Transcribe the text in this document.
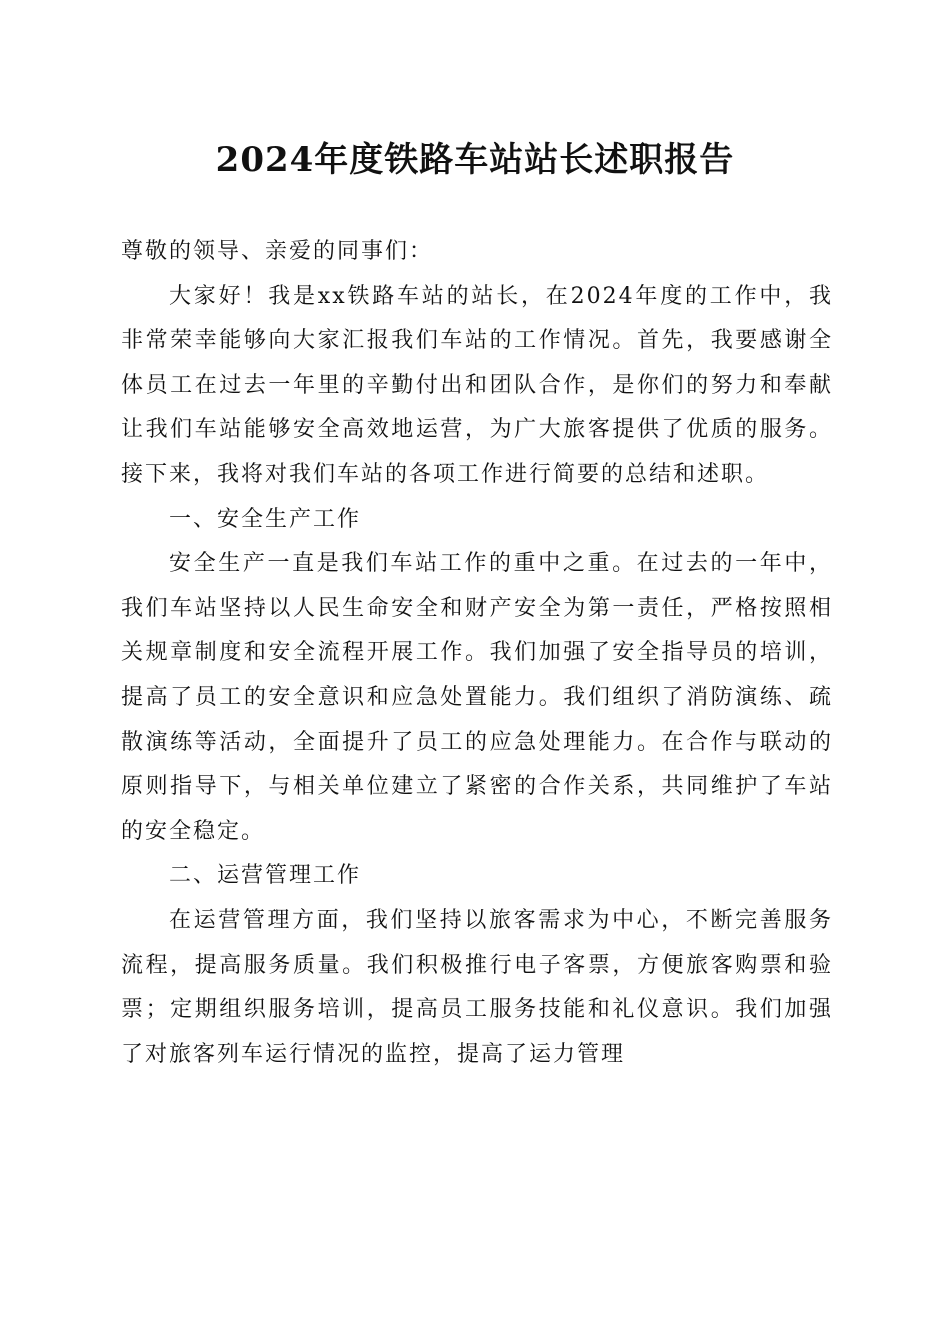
2024年度铁路车站站长述职报告

尊敬的领导、亲爱的同事们：

大家好！我是xx铁路车站的站长，在2024年度的工作中，我非常荣幸能够向大家汇报我们车站的工作情况。首先，我要感谢全体员工在过去一年里的辛勤付出和团队合作，是你们的努力和奉献让我们车站能够安全高效地运营，为广大旅客提供了优质的服务。接下来，我将对我们车站的各项工作进行简要的总结和述职。

一、安全生产工作

安全生产一直是我们车站工作的重中之重。在过去的一年中，我们车站坚持以人民生命安全和财产安全为第一责任，严格按照相关规章制度和安全流程开展工作。我们加强了安全指导员的培训，提高了员工的安全意识和应急处置能力。我们组织了消防演练、疏散演练等活动，全面提升了员工的应急处理能力。在合作与联动的原则指导下，与相关单位建立了紧密的合作关系，共同维护了车站的安全稳定。

二、运营管理工作

在运营管理方面，我们坚持以旅客需求为中心，不断完善服务流程，提高服务质量。我们积极推行电子客票，方便旅客购票和验票；定期组织服务培训，提高员工服务技能和礼仪意识。我们加强了对旅客列车运行情况的监控，提高了运力管理
